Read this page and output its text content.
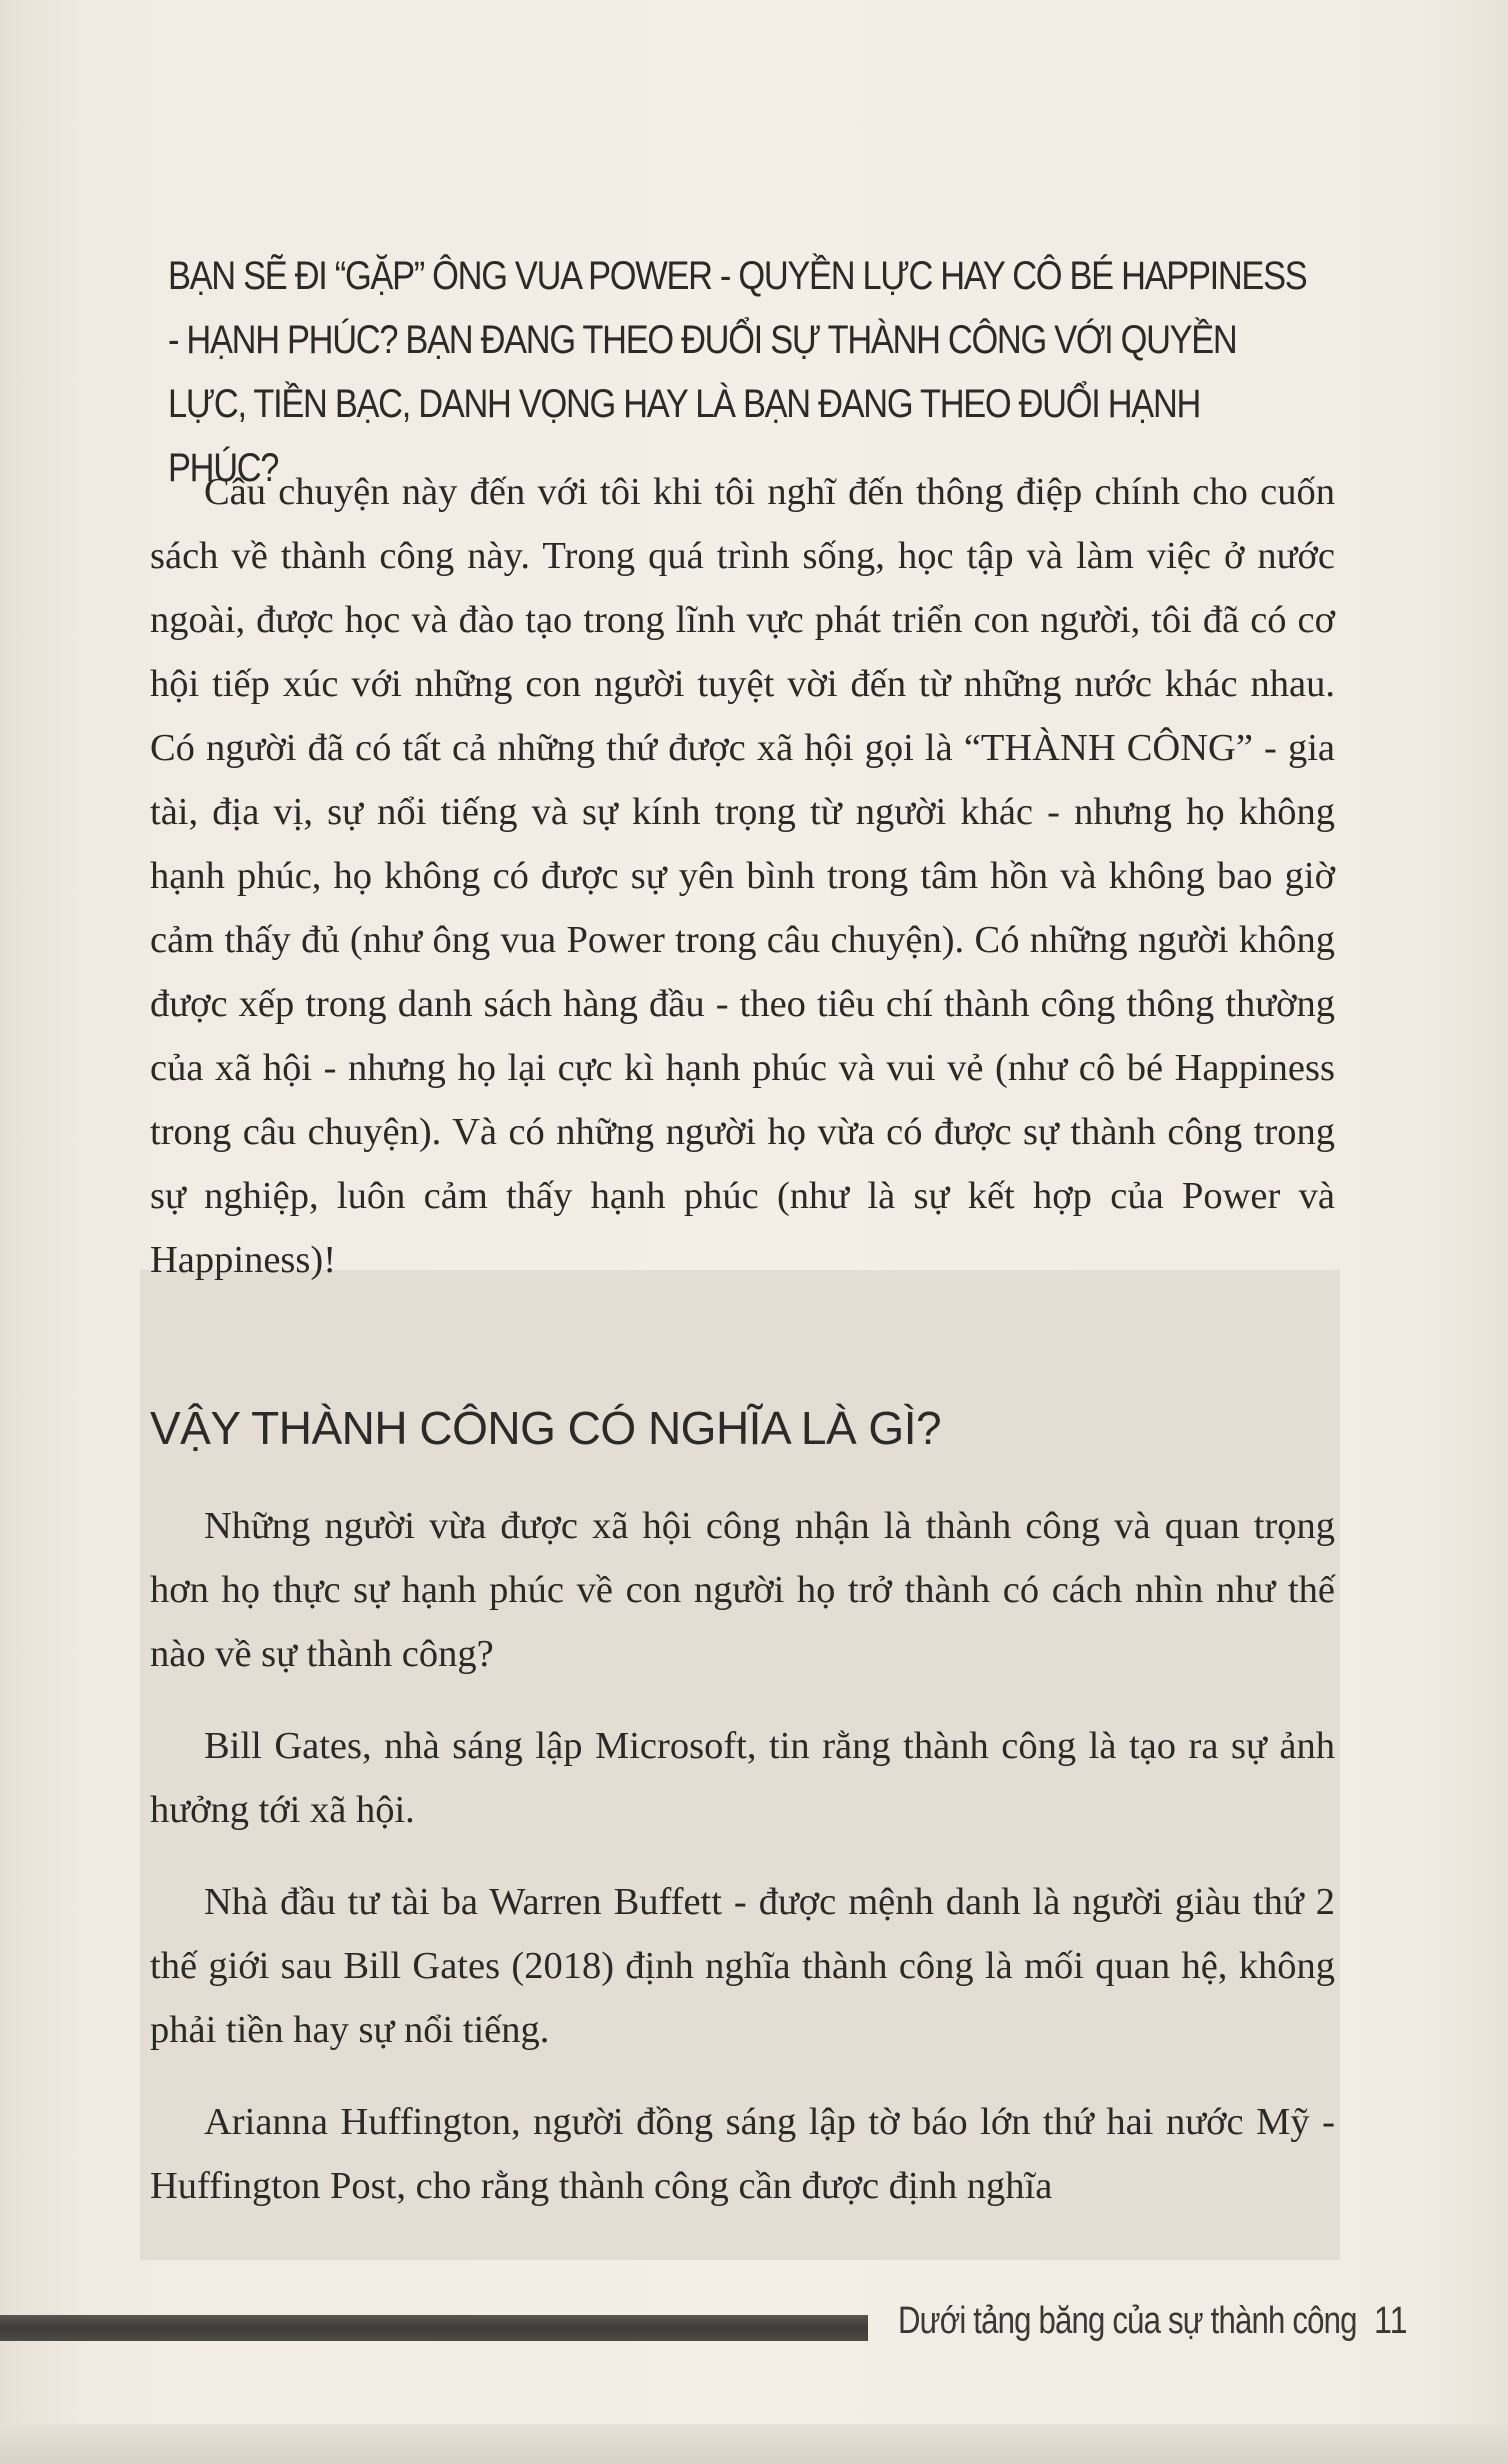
BẠN SẼ ĐI “GẶP” ÔNG VUA POWER - QUYỀN LỰC HAY CÔ BÉ HAPPINESS - HẠNH PHÚC? BẠN ĐANG THEO ĐUỔI SỰ THÀNH CÔNG VỚI QUYỀN LỰC, TIỀN BẠC, DANH VỌNG HAY LÀ BẠN ĐANG THEO ĐUỔI HẠNH PHÚC?

Câu chuyện này đến với tôi khi tôi nghĩ đến thông điệp chính cho cuốn sách về thành công này. Trong quá trình sống, học tập và làm việc ở nước ngoài, được học và đào tạo trong lĩnh vực phát triển con người, tôi đã có cơ hội tiếp xúc với những con người tuyệt vời đến từ những nước khác nhau. Có người đã có tất cả những thứ được xã hội gọi là “THÀNH CÔNG” - gia tài, địa vị, sự nổi tiếng và sự kính trọng từ người khác - nhưng họ không hạnh phúc, họ không có được sự yên bình trong tâm hồn và không bao giờ cảm thấy đủ (như ông vua Power trong câu chuyện). Có những người không được xếp trong danh sách hàng đầu - theo tiêu chí thành công thông thường của xã hội - nhưng họ lại cực kì hạnh phúc và vui vẻ (như cô bé Happiness trong câu chuyện). Và có những người họ vừa có được sự thành công trong sự nghiệp, luôn cảm thấy hạnh phúc (như là sự kết hợp của Power và Happiness)!

VẬY THÀNH CÔNG CÓ NGHĨA LÀ GÌ?

Những người vừa được xã hội công nhận là thành công và quan trọng hơn họ thực sự hạnh phúc về con người họ trở thành có cách nhìn như thế nào về sự thành công?

Bill Gates, nhà sáng lập Microsoft, tin rằng thành công là tạo ra sự ảnh hưởng tới xã hội.

Nhà đầu tư tài ba Warren Buffett - được mệnh danh là người giàu thứ 2 thế giới sau Bill Gates (2018) định nghĩa thành công là mối quan hệ, không phải tiền hay sự nổi tiếng.

Arianna Huffington, người đồng sáng lập tờ báo lớn thứ hai nước Mỹ - Huffington Post, cho rằng thành công cần được định nghĩa

Dưới tảng băng của sự thành công 11
